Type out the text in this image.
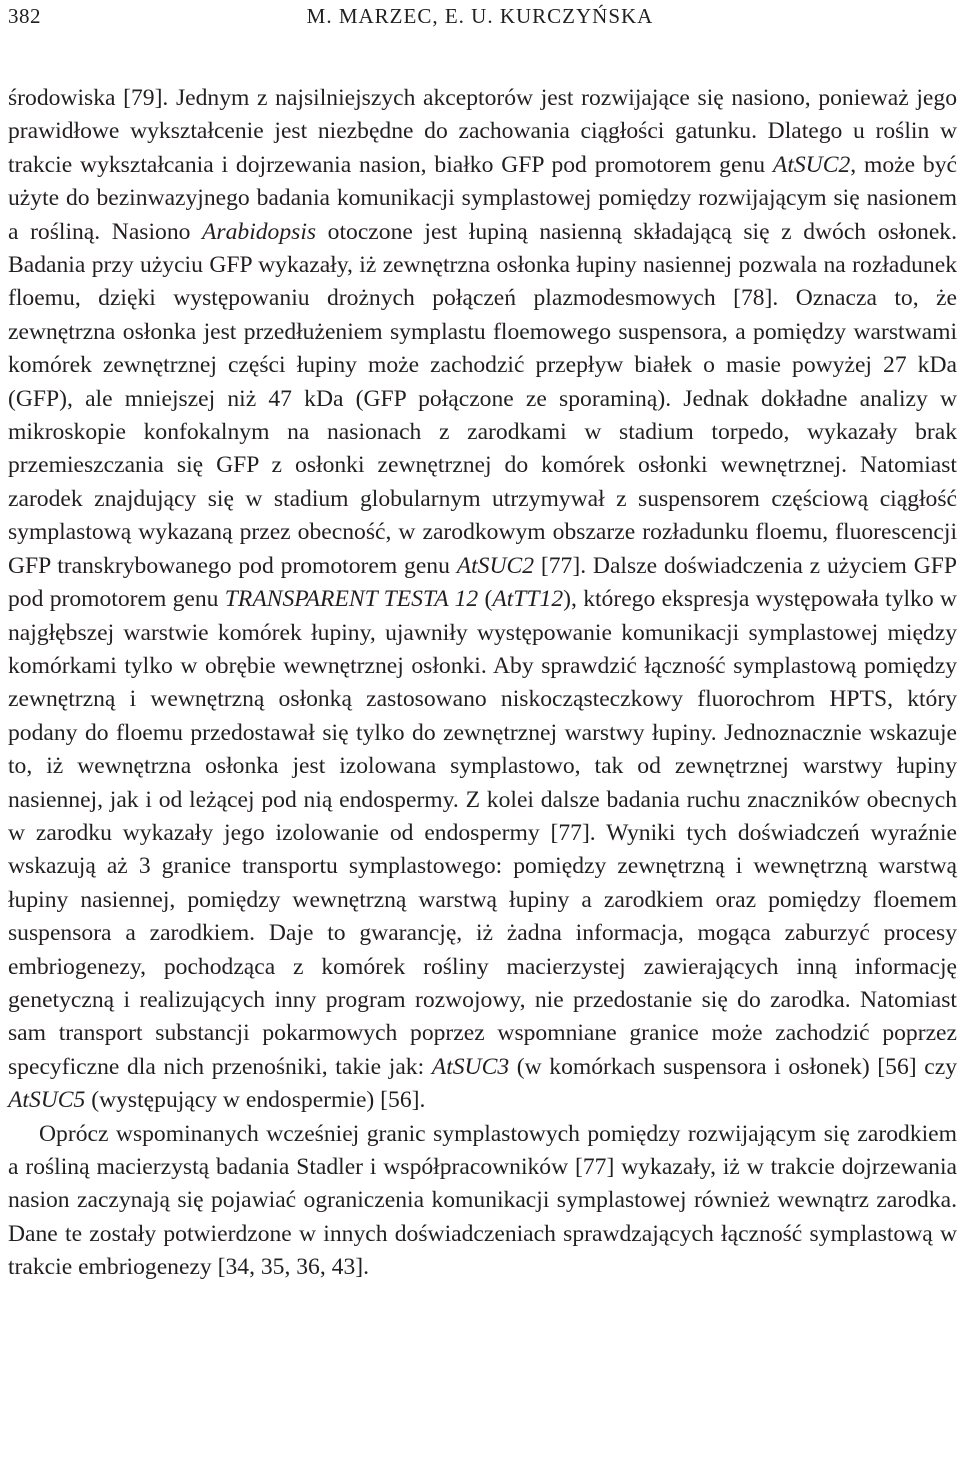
382	M. MARZEC, E. U. KURCZYŃSKA

środowiska [79]. Jednym z najsilniejszych akceptorów jest rozwijające się nasiono, ponieważ jego prawidłowe wykształcenie jest niezbędne do zachowania ciągłości gatunku. Dlatego u roślin w trakcie wykształcania i dojrzewania nasion, białko GFP pod promotorem genu AtSUC2, może być użyte do bezinwazyjnego badania komunikacji symplastowej pomiędzy rozwijającym się nasionem a rośliną. Nasiono Arabidopsis otoczone jest łupiną nasienną składającą się z dwóch osłonek. Badania przy użyciu GFP wykazały, iż zewnętrzna osłonka łupiny nasiennej pozwala na rozładunek floemu, dzięki występowaniu drożnych połączeń plazmodesmowych [78]. Oznacza to, że zewnętrzna osłonka jest przedłużeniem symplastu floemowego suspensora, a pomiędzy warstwami komórek zewnętrznej części łupiny może zachodzić przepływ białek o masie powyżej 27 kDa (GFP), ale mniejszej niż 47 kDa (GFP połączone ze sporaminą). Jednak dokładne analizy w mikroskopie konfokalnym na nasionach z zarodkami w stadium torpedo, wykazały brak przemieszczania się GFP z osłonki zewnętrznej do komórek osłonki wewnętrznej. Natomiast zarodek znajdujący się w stadium globularnym utrzymywał z suspensorem częściową ciągłość symplastową wykazaną przez obecność, w zarodkowym obszarze rozładunku floemu, fluorescencji GFP transkrybowanego pod promotorem genu AtSUC2 [77]. Dalsze doświadczenia z użyciem GFP pod promotorem genu TRANSPARENT TESTA 12 (AtTT12), którego ekspresja występowała tylko w najgłębszej warstwie komórek łupiny, ujawniły występowanie komunikacji symplastowej między komórkami tylko w obrębie wewnętrznej osłonki. Aby sprawdzić łączność symplastową pomiędzy zewnętrzną i wewnętrzną osłonką zastosowano niskocząsteczkowy fluorochrom HPTS, który podany do floemu przedostawał się tylko do zewnętrznej warstwy łupiny. Jednoznacznie wskazuje to, iż wewnętrzna osłonka jest izolowana symplastowo, tak od zewnętrznej warstwy łupiny nasiennej, jak i od leżącej pod nią endospermy. Z kolei dalsze badania ruchu znaczników obecnych w zarodku wykazały jego izolowanie od endospermy [77]. Wyniki tych doświadczeń wyraźnie wskazują aż 3 granice transportu symplastowego: pomiędzy zewnętrzną i wewnętrzną warstwą łupiny nasiennej, pomiędzy wewnętrzną warstwą łupiny a zarodkiem oraz pomiędzy floemem suspensora a zarodkiem. Daje to gwarancję, iż żadna informacja, mogąca zaburzyć procesy embriogenezy, pochodząca z komórek rośliny macierzystej zawierających inną informację genetyczną i realizujących inny program rozwojowy, nie przedostanie się do zarodka. Natomiast sam transport substancji pokarmowych poprzez wspomniane granice może zachodzić poprzez specyficzne dla nich przenośniki, takie jak: AtSUC3 (w komórkach suspensora i osłonek) [56] czy AtSUC5 (występujący w endospermie) [56].

Oprócz wspominanych wcześniej granic symplastowych pomiędzy rozwijającym się zarodkiem a rośliną macierzystą badania Stadler i współpracowników [77] wykazały, iż w trakcie dojrzewania nasion zaczynają się pojawiać ograniczenia komunikacji symplastowej również wewnątrz zarodka. Dane te zostały potwierdzone w innych doświadczeniach sprawdzających łączność symplastową w trakcie embriogenezy [34, 35, 36, 43].
